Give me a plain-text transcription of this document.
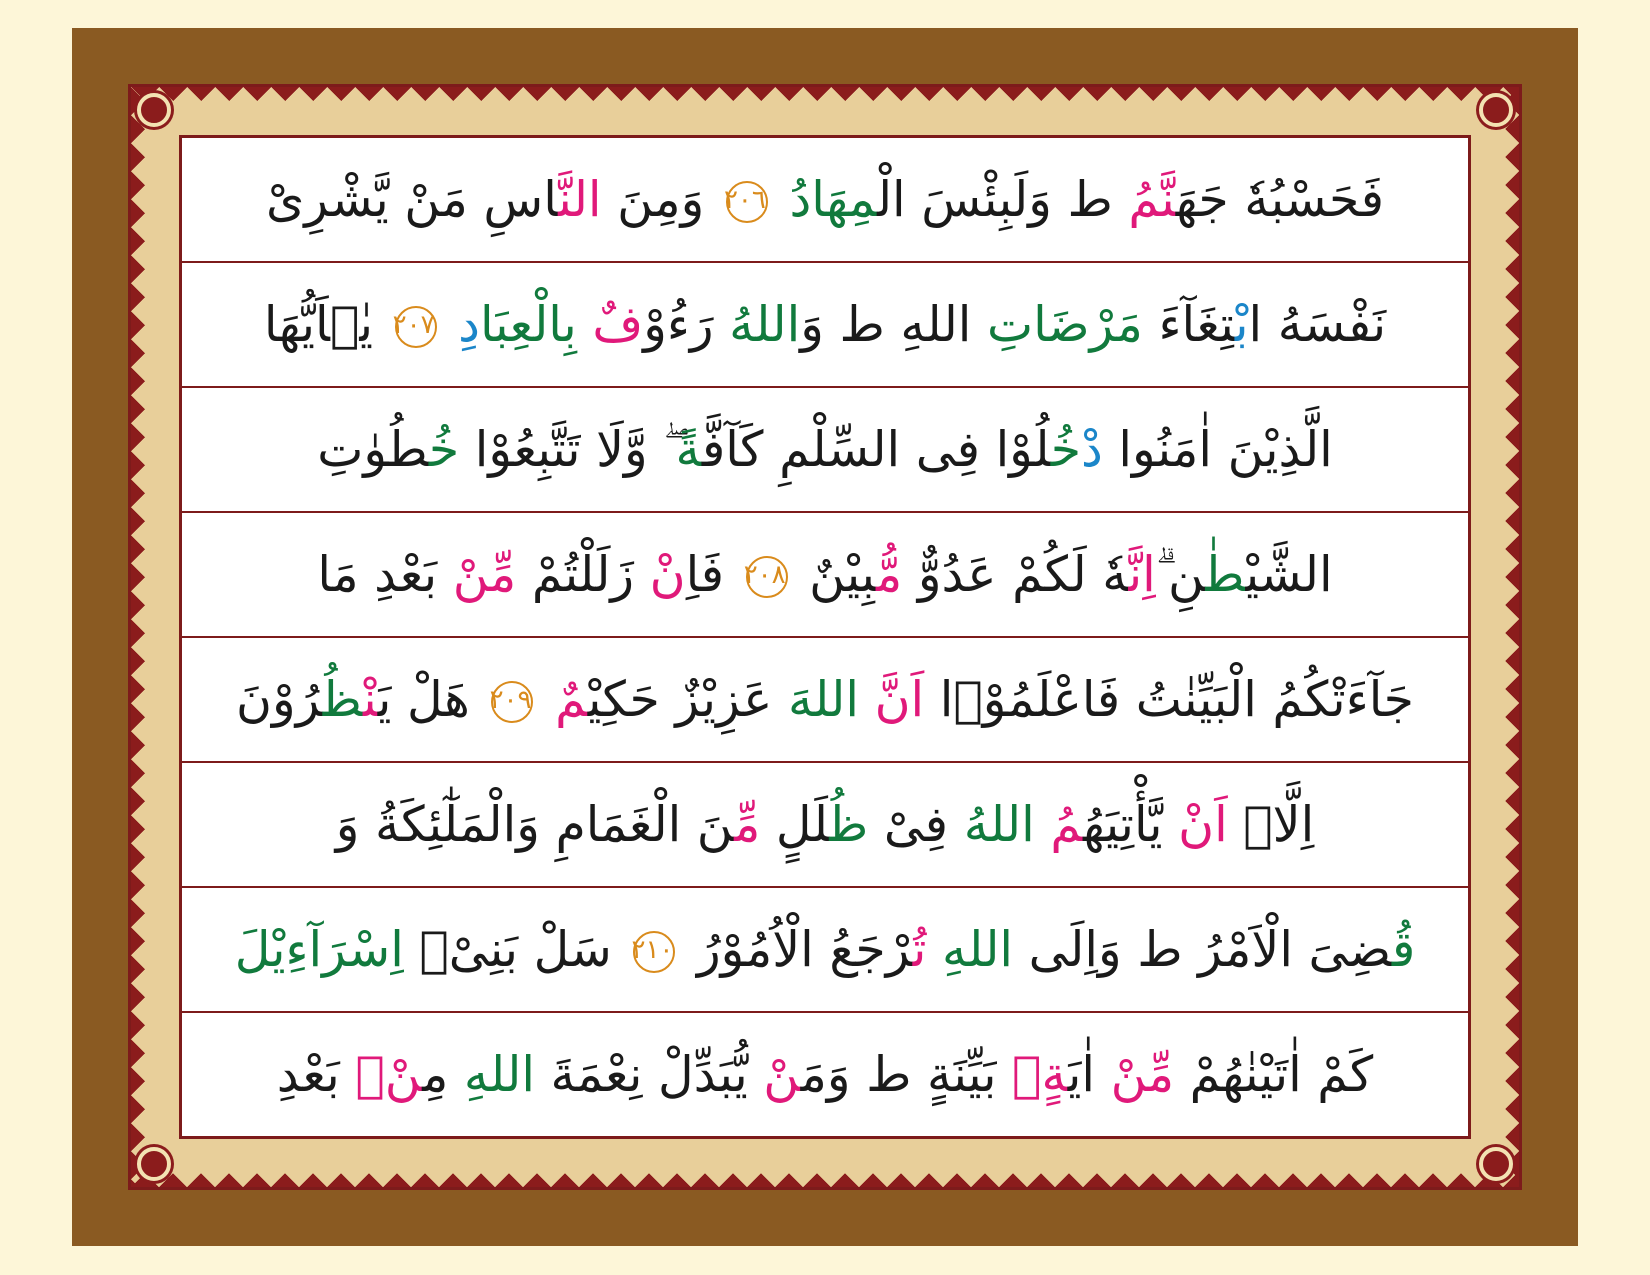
فَحَسْبُهٗ جَهَنَّمُ ط وَلَبِئْسَ الْمِهَادُ ٢٠٦ وَمِنَ النَّاسِ مَنْ يَّشْرِىْ
نَفْسَهُ ابْتِغَآءَ مَرْضَاتِ اللهِ ط وَاللهُ رَءُوْفٌ بِالْعِبَادِ ٢٠٧ يٰۤاَيُّهَا
الَّذِيْنَ اٰمَنُوا دْخُلُوْا فِى السِّلْمِ كَآفَّةً ۖ وَّلَا تَتَّبِعُوْا خُطُوٰتِ
الشَّيْطٰنِ ۗاِنَّهٗ لَكُمْ عَدُوٌّ مُّبِيْنٌ ٢٠٨ فَاِنْ زَلَلْتُمْ مِّنْ بَعْدِ مَا
جَآءَتْكُمُ الْبَيِّنٰتُ فَاعْلَمُوْۤا اَنَّ اللهَ عَزِيْزٌ حَكِيْمٌ ٢٠٩ هَلْ يَنْظُرُوْنَ
اِلَّاۤ اَنْ يَّأْتِيَهُمُ اللهُ فِىْ ظُلَلٍ مِّنَ الْغَمَامِ وَالْمَلٰٓئِكَةُ وَ
قُضِىَ الْاَمْرُ ط وَاِلَى اللهِ تُرْجَعُ الْاُمُوْرُ ٢١٠ سَلْ بَنِىْۤ اِسْرَآءِيْلَ
كَمْ اٰتَيْنٰهُمْ مِّنْ اٰيَةٍۭ بَيِّنَةٍ ط وَمَنْ يُّبَدِّلْ نِعْمَةَ اللهِ مِنْۢ بَعْدِ
